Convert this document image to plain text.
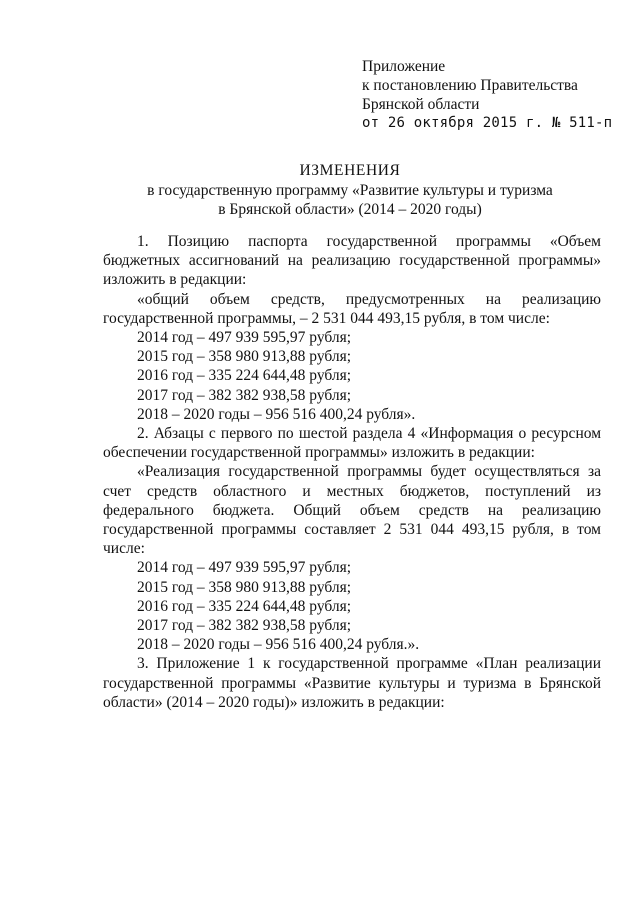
Приложение
к постановлению Правительства
Брянской области
от 26 октября 2015 г. № 511-п
ИЗМЕНЕНИЯ
в государственную программу «Развитие культуры и туризма
в Брянской области» (2014 – 2020 годы)

1. Позицию паспорта государственной программы «Объем бюджетных ассигнований на реализацию государственной программы» изложить в редакции:

«общий объем средств, предусмотренных на реализацию государственной программы, – 2 531 044 493,15 рубля, в том числе:

2014 год – 497 939 595,97 рубля;

2015 год – 358 980 913,88 рубля;

2016 год – 335 224 644,48 рубля;

2017 год – 382 382 938,58 рубля;

2018 – 2020 годы – 956 516 400,24 рубля».

2. Абзацы с первого по шестой раздела 4 «Информация о ресурсном обеспечении государственной программы» изложить в редакции:

«Реализация государственной программы будет осуществляться за счет средств областного и местных бюджетов, поступлений из федерального бюджета. Общий объем средств на реализацию государственной программы составляет 2 531 044 493,15 рубля, в том числе:

2014 год – 497 939 595,97 рубля;

2015 год – 358 980 913,88 рубля;

2016 год – 335 224 644,48 рубля;

2017 год – 382 382 938,58 рубля;

2018 – 2020 годы – 956 516 400,24 рубля.».

3. Приложение 1 к государственной программе «План реализации государственной программы «Развитие культуры и туризма в Брянской области» (2014 – 2020 годы)» изложить в редакции:
